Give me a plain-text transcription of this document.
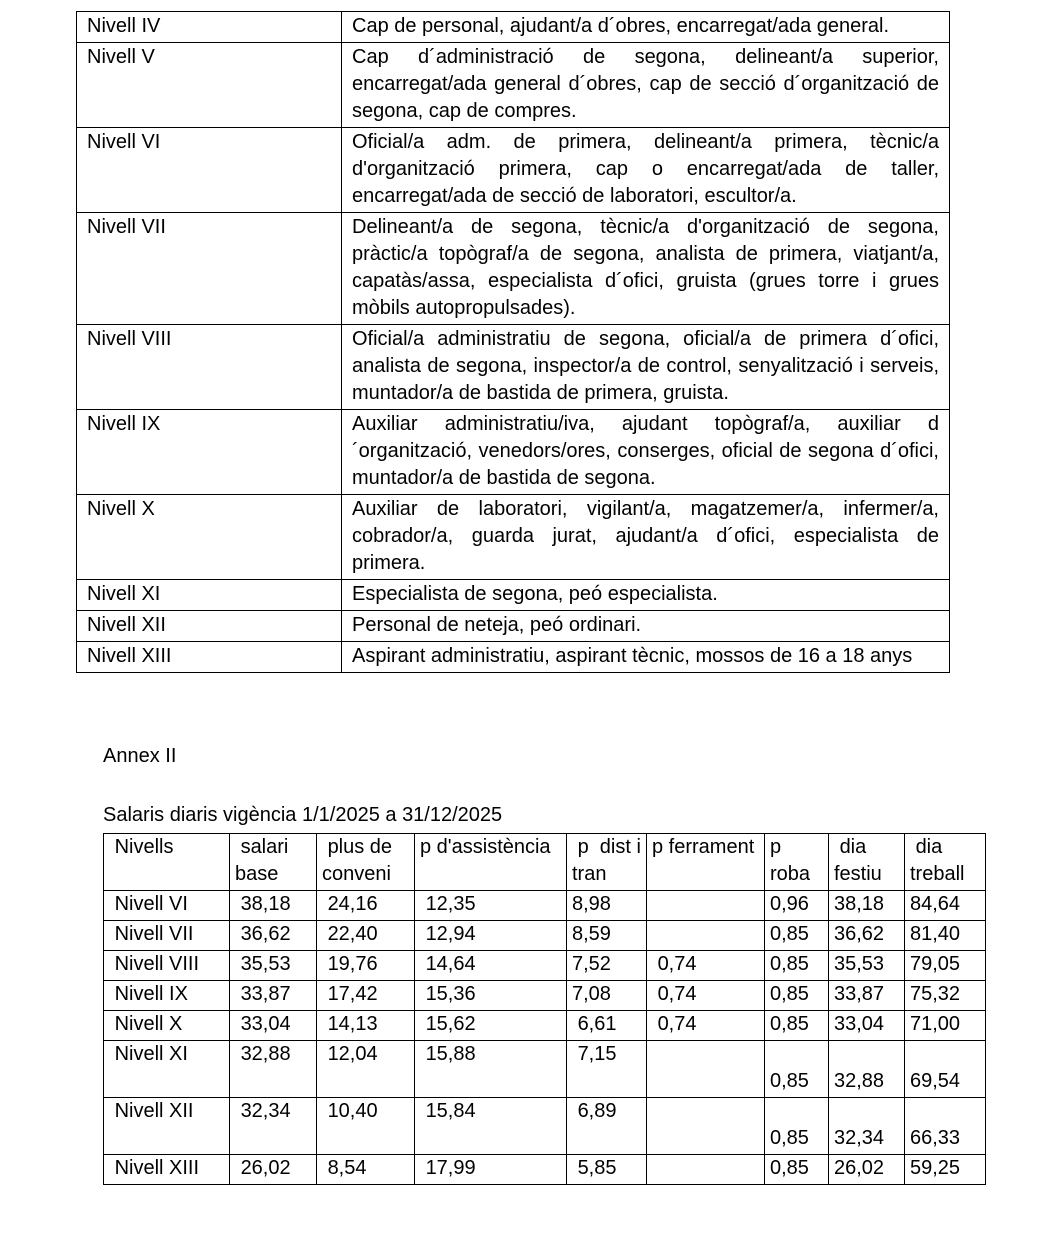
Nivell IV	Cap de personal, ajudant/a d´obres, encarregat/ada general.
Nivell V	Cap d´administració de segona, delineant/a superior, encarregat/ada general d´obres, cap de secció d´organització de segona, cap de compres.
Nivell VI	Oficial/a adm. de primera, delineant/a primera, tècnic/a d'organització primera, cap o encarregat/ada de taller, encarregat/ada de secció de laboratori, escultor/a.
Nivell VII	Delineant/a de segona, tècnic/a d'organització de segona, pràctic/a topògraf/a de segona, analista de primera, viatjant/a, capatàs/assa, especialista d´ofici, gruista (grues torre i grues mòbils autopropulsades).
Nivell VIII	Oficial/a administratiu de segona, oficial/a de primera d´ofici, analista de segona, inspector/a de control, senyalització i serveis, muntador/a de bastida de primera, gruista.
Nivell IX	Auxiliar administratiu/iva, ajudant topògraf/a, auxiliar d´organització, venedors/ores, conserges, oficial de segona d´ofici, muntador/a de bastida de segona.
Nivell X	Auxiliar de laboratori, vigilant/a, magatzemer/a, infermer/a, cobrador/a, guarda jurat, ajudant/a d´ofici, especialista de primera.
Nivell XI	Especialista de segona, peó especialista.
Nivell XII	Personal de neteja, peó ordinari.
Nivell XIII	Aspirant administratiu, aspirant tècnic, mossos de 16 a 18 anys
Annex II
Salaris diaris vigència 1/1/2025 a 31/12/2025
Nivells	salari base	plus de conveni	p d'assistència	p  dist i tran	p ferrament	p roba	dia festiu	dia treball
Nivell VI	38,18	24,16	12,35	8,98		0,96	38,18	84,64
Nivell VII	36,62	22,40	12,94	8,59		0,85	36,62	81,40
Nivell VIII	35,53	19,76	14,64	7,52	0,74	0,85	35,53	79,05
Nivell IX	33,87	17,42	15,36	7,08	0,74	0,85	33,87	75,32
Nivell X	33,04	14,13	15,62	6,61	0,74	0,85	33,04	71,00
Nivell XI	32,88	12,04	15,88	7,15		0,85	32,88	69,54
Nivell XII	32,34	10,40	15,84	6,89		0,85	32,34	66,33
Nivell XIII	26,02	8,54	17,99	5,85		0,85	26,02	59,25
